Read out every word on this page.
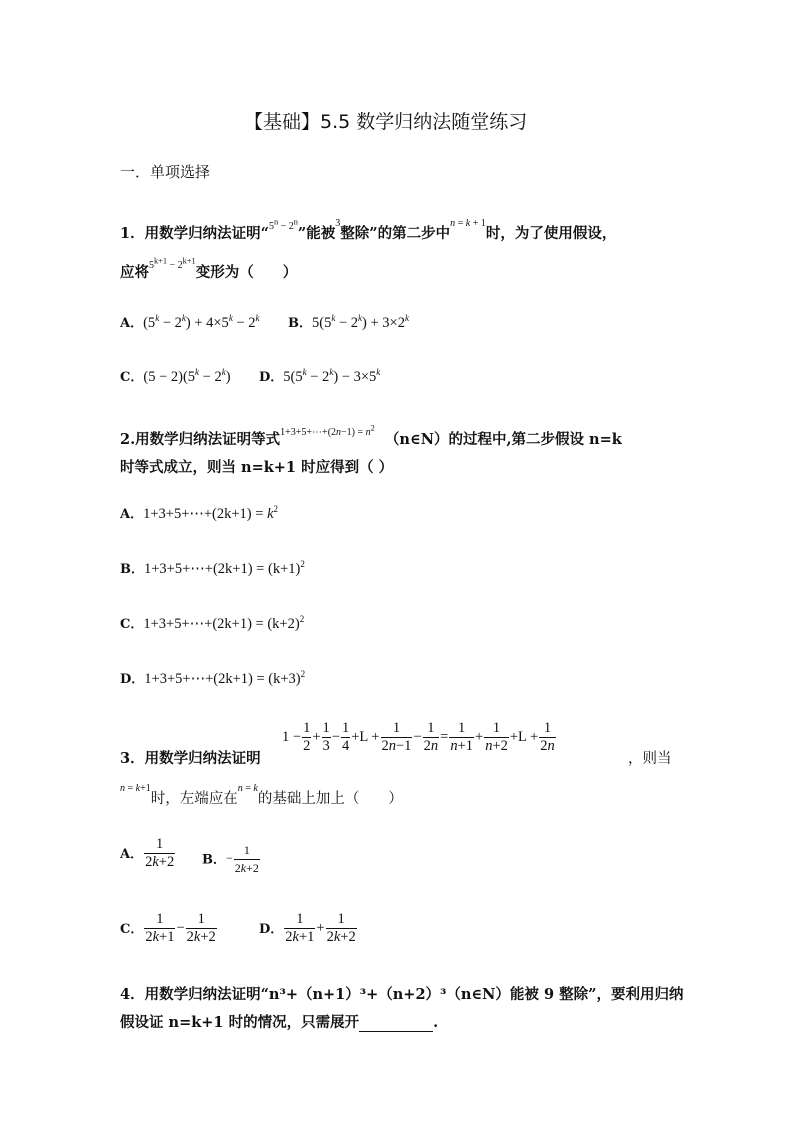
【基础】5.5 数学归纳法随堂练习
一．单项选择
1．用数学归纳法证明“$^{5^n - 2^n}$”能被$^3$整除”的第二步中$^{n = k + 1}$时，为了使用假设，
应将$^{5^{k+1} - 2^{k+1}}$变形为（　　）
A．$(5^k - 2^k) + 4\times 5^k - 2^k$ B．$5(5^k - 2^k) + 3\times 2^k$
C．$(5 - 2)(5^k - 2^k)$ D．$5(5^k - 2^k) - 3\times 5^k$
2.用数学归纳法证明等式$^{1+3+5+\cdots+(2n-1) = n^2}$  （n∈N）的过程中,第二步假设 n=k
时等式成立，则当 n=k+1 时应得到（ ）
A．1+3+5+⋯+(2k+1) = $k^2$
B．1+3+5+⋯+(2k+1) = $(k+1)^2$
C．1+3+5+⋯+(2k+1) = $(k+2)^2$
D．1+3+5+⋯+(2k+1) = $(k+3)^2$
3．用数学归纳法证明
$1 - \frac{1}{2} + \frac{1}{3} - \frac{1}{4} +L + \frac{1}{2n-1} - \frac{1}{2n} = \frac{1}{n+1} + \frac{1}{n+2} +L + \frac{1}{2n}$
，则当
$^{n = k+1}$时，左端应在$^{n = k}$的基础上加上（　　）
A． $\frac{1}{2k+2}$ B．− $\frac{1}{2k+2}$
C． $\frac{1}{2k+1} - \frac{1}{2k+2}$	D． $\frac{1}{2k+1} + \frac{1}{2k+2}$
4．用数学归纳法证明“n³+（n+1）³+（n+2）³（n∈N）能被 9 整除”，要利用归纳
假设证 n=k+1 时的情况，只需展开	.
